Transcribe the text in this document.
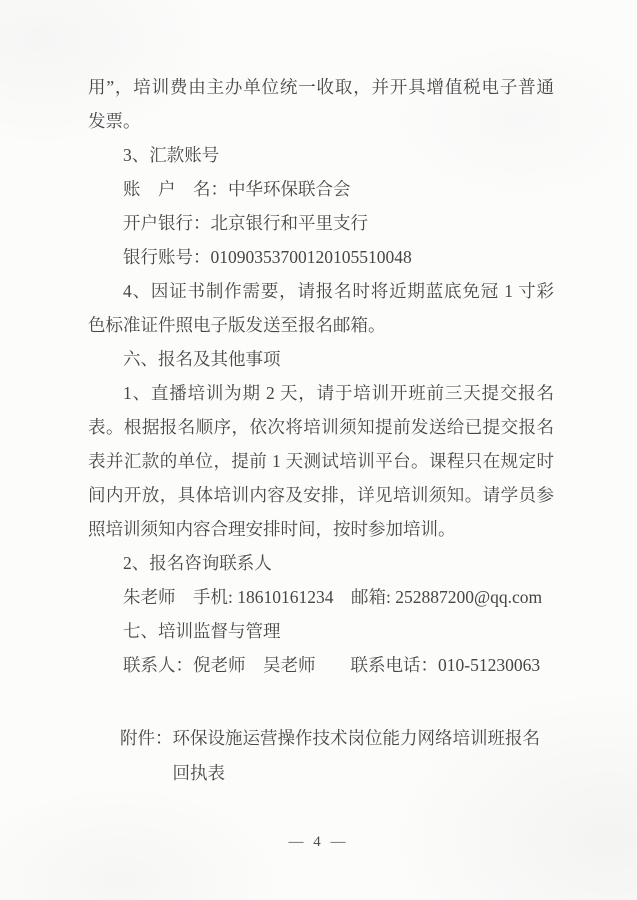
用”，培训费由主办单位统一收取，并开具增值税电子普通
发票。
3、汇款账号
账　户　名：中华环保联合会
开户银行：北京银行和平里支行
银行账号：01090353700120105510048
4、因证书制作需要，请报名时将近期蓝底免冠 1 寸彩
色标准证件照电子版发送至报名邮箱。
六、报名及其他事项
1、直播培训为期 2 天，请于培训开班前三天提交报名
表。根据报名顺序，依次将培训须知提前发送给已提交报名
表并汇款的单位，提前 1 天测试培训平台。课程只在规定时
间内开放，具体培训内容及安排，详见培训须知。请学员参
照培训须知内容合理安排时间，按时参加培训。
2、报名咨询联系人
朱老师　手机: 18610161234　邮箱: 252887200@qq.com
七、培训监督与管理
联系人：倪老师　吴老师　　联系电话：010-51230063
附件： 环保设施运营操作技术岗位能力网络培训班报名
回执表
— 4 —
